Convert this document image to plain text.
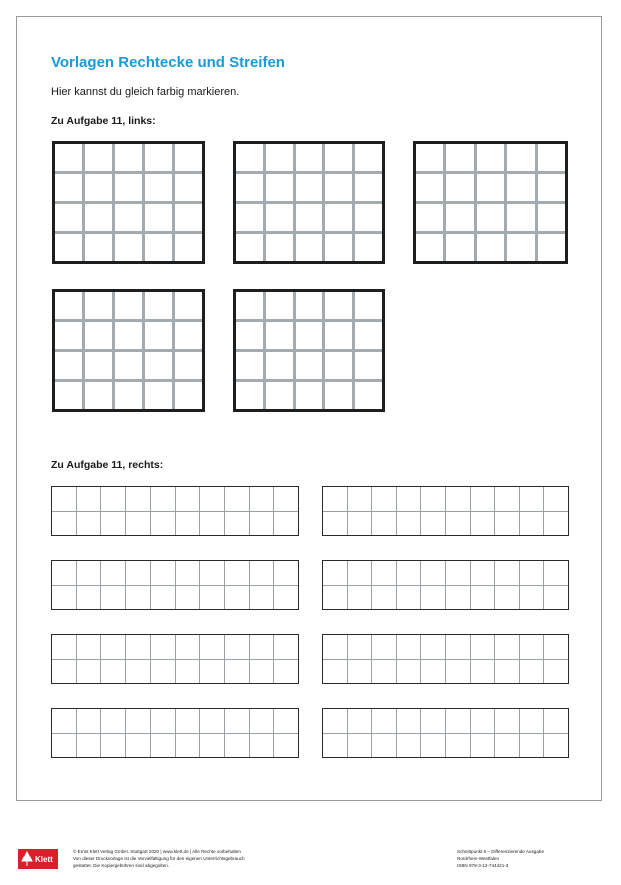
Vorlagen Rechtecke und Streifen
Hier kannst du gleich farbig markieren.
Zu Aufgabe 11, links:
Zu Aufgabe 11, rechts:
Klett
© Ernst Klett Verlag GmbH, Stuttgart 2020 | www.klett.de | Alle Rechte vorbehalten
Von dieser Druckvorlage ist die Vervielfältigung für den eigenen Unterrichtsgebrauch
gestattet. Die Kopiergebühren sind abgegolten.
Schnittpunkt 5 – Differenzierende Ausgabe
Nordrhein-Westfalen
ISBN 978-3-12-744421-3
